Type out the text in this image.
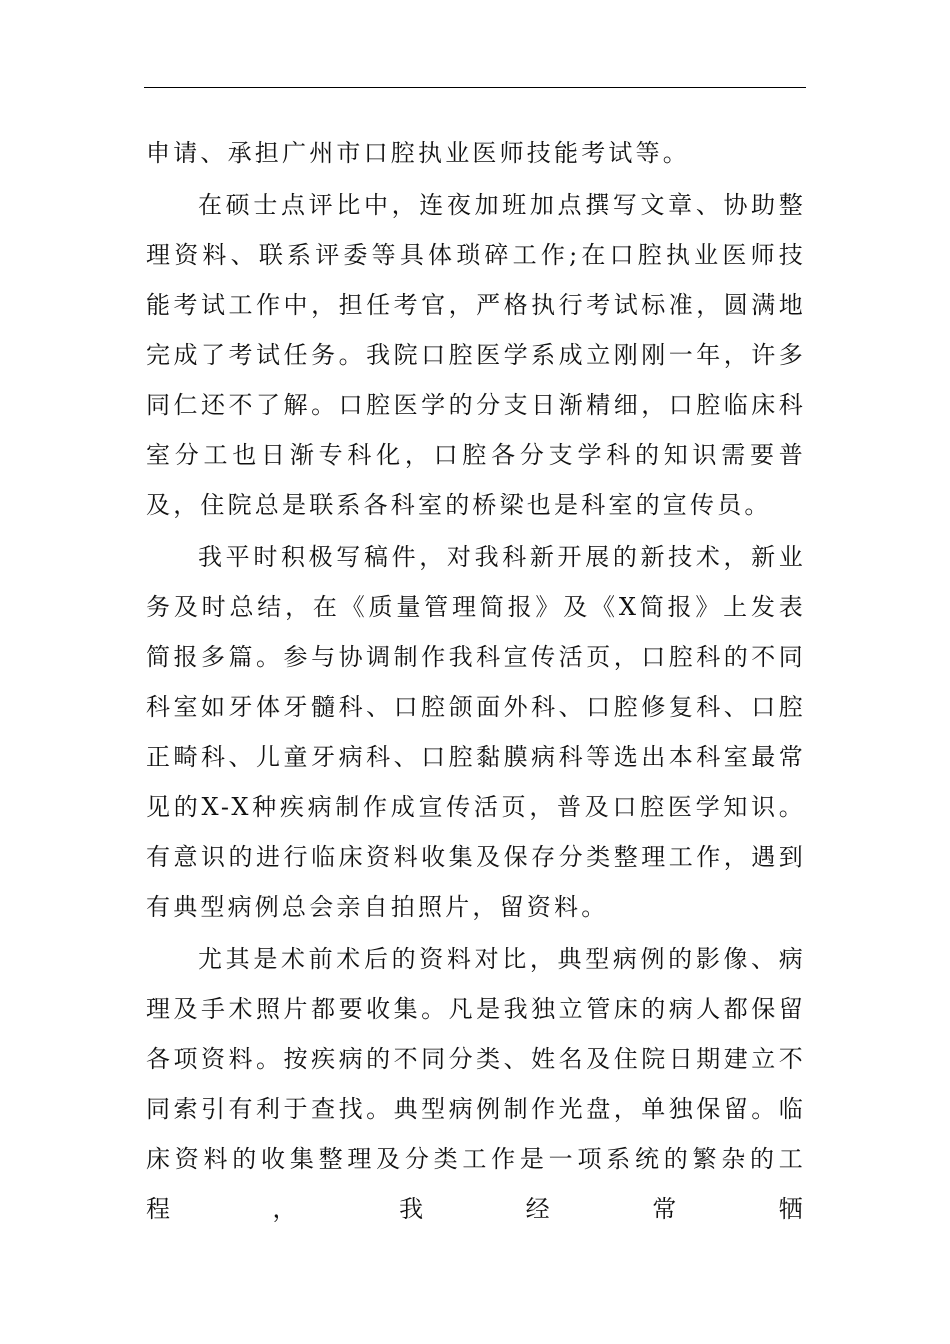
申请、承担广州市口腔执业医师技能考试等。

在硕士点评比中，连夜加班加点撰写文章、协助整理资料、联系评委等具体琐碎工作;在口腔执业医师技能考试工作中，担任考官，严格执行考试标准，圆满地完成了考试任务。我院口腔医学系成立刚刚一年，许多同仁还不了解。口腔医学的分支日渐精细，口腔临床科室分工也日渐专科化，口腔各分支学科的知识需要普及，住院总是联系各科室的桥梁也是科室的宣传员。

我平时积极写稿件，对我科新开展的新技术，新业务及时总结，在《质量管理简报》及《X简报》上发表简报多篇。参与协调制作我科宣传活页，口腔科的不同科室如牙体牙髓科、口腔颌面外科、口腔修复科、口腔正畸科、儿童牙病科、口腔黏膜病科等选出本科室最常见的X-X种疾病制作成宣传活页，普及口腔医学知识。有意识的进行临床资料收集及保存分类整理工作，遇到有典型病例总会亲自拍照片，留资料。

尤其是术前术后的资料对比，典型病例的影像、病理及手术照片都要收集。凡是我独立管床的病人都保留各项资料。按疾病的不同分类、姓名及住院日期建立不同索引有利于查找。典型病例制作光盘，单独保留。临床资料的收集整理及分类工作是一项系统的繁杂的工程，我经常牺
